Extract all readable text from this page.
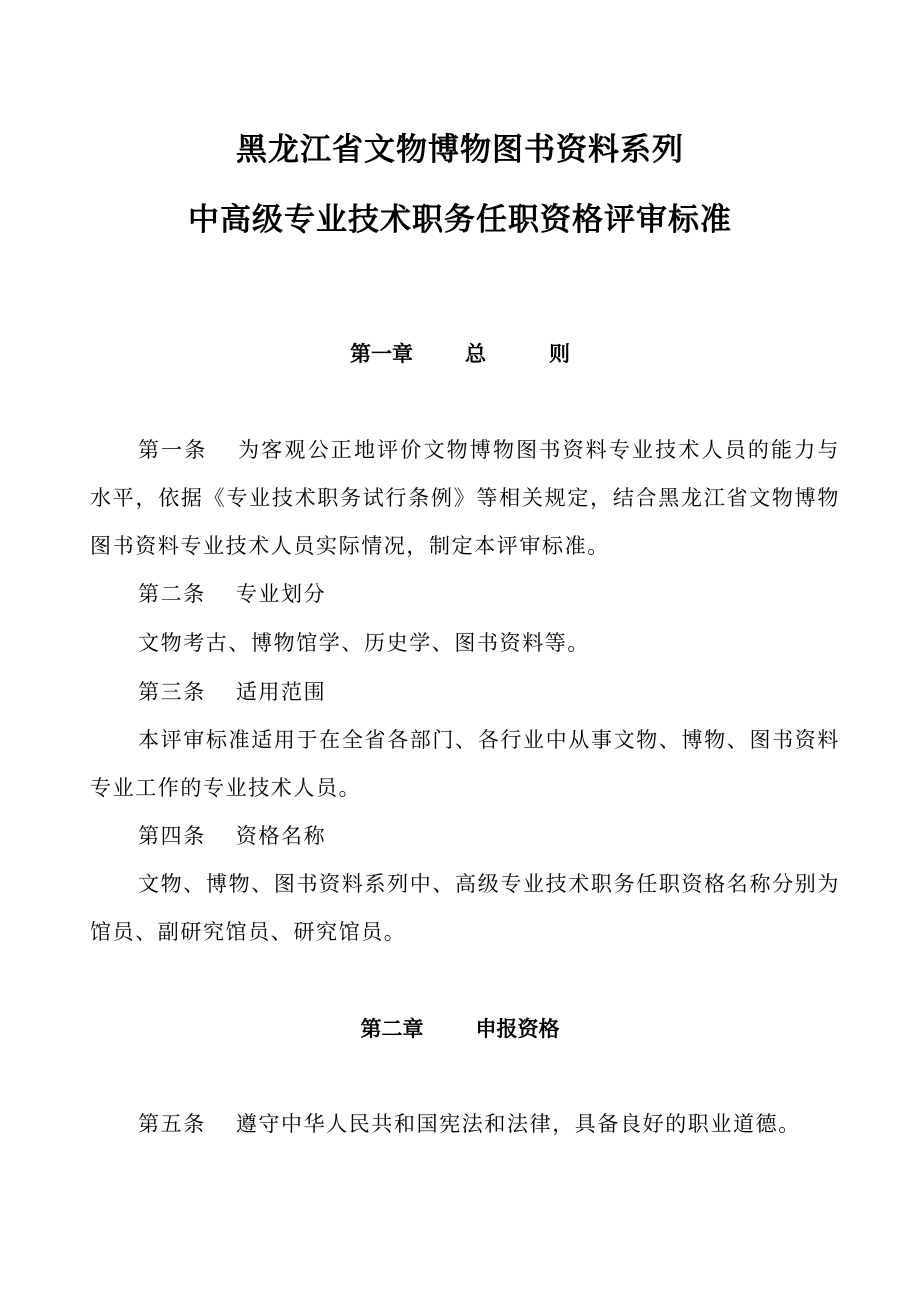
黑龙江省文物博物图书资料系列
中高级专业技术职务任职资格评审标准
第一章 总　　　则
第一条 为客观公正地评价文物博物图书资料专业技术人员的能力与水平，依据《专业技术职务试行条例》等相关规定，结合黑龙江省文物博物图书资料专业技术人员实际情况，制定本评审标准。
第二条 专业划分
文物考古、博物馆学、历史学、图书资料等。
第三条 适用范围
本评审标准适用于在全省各部门、各行业中从事文物、博物、图书资料专业工作的专业技术人员。
第四条 资格名称
文物、博物、图书资料系列中、高级专业技术职务任职资格名称分别为馆员、副研究馆员、研究馆员。
第二章 申报资格
第五条 遵守中华人民共和国宪法和法律，具备良好的职业道德。
